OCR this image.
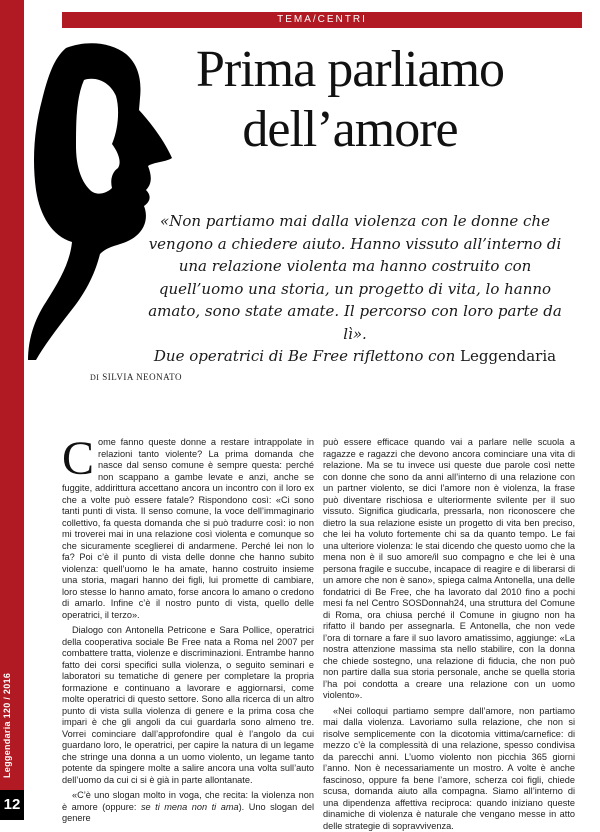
Leggendaria 120 / 2016
12
TEMA/CENTRI
Prima parliamo
dell’amore
«Non partiamo mai dalla violenza con le donne che vengono a chiedere aiuto. Hanno vissuto all’interno di una relazione violenta ma hanno costruito con quell’uomo una storia, un progetto di vita, lo hanno amato, sono state amate. Il percorso con loro parte da lì».
Due operatrici di Be Free riflettono con Leggendaria
DI SILVIA NEONATO

Come fanno queste donne a restare intrappolate in relazioni tanto violente? La prima domanda che nasce dal senso comune è sempre questa: perché non scappano a gambe levate e anzi, anche se fuggite, addirittura accettano ancora un incontro con il loro ex che a volte può essere fatale? Rispondono così: «Ci sono tanti punti di vista. Il senso comune, la voce dell’immaginario collettivo, fa questa domanda che si può tradurre così: io non mi troverei mai in una relazione così violenta e comunque so che sicuramente sceglierei di andarmene. Perché lei non lo fa? Poi c’è il punto di vista delle donne che hanno subito violenza: quell’uomo le ha amate, hanno costruito insieme una storia, magari hanno dei figli, lui promette di cambiare, loro stesse lo hanno amato, forse ancora lo amano o credono di amarlo. Infine c’è il nostro punto di vista, quello delle operatrici, il terzo».

Dialogo con Antonella Petricone e Sara Pollice, operatrici della cooperativa sociale Be Free nata a Roma nel 2007 per combattere tratta, violenze e discriminazioni. Entrambe hanno fatto dei corsi specifici sulla violenza, o seguito seminari e laboratori su tematiche di genere per completare la propria formazione e continuano a lavorare e aggiornarsi, come molte operatrici di questo settore. Sono alla ricerca di un altro punto di vista sulla violenza di genere e la prima cosa che impari è che gli angoli da cui guardarla sono almeno tre. Vorrei cominciare dall’approfondire qual è l’angolo da cui guardano loro, le operatrici, per capire la natura di un legame che stringe una donna a un uomo violento, un legame tanto potente da spingere molte a salire ancora una volta sull’auto dell’uomo da cui ci si è già in parte allontanate.

«C’è uno slogan molto in voga, che recita: la violenza non è amore (oppure: se ti mena non ti ama). Uno slogan del genere

può essere efficace quando vai a parlare nelle scuola a ragazze e ragazzi che devono ancora cominciare una vita di relazione. Ma se tu invece usi queste due parole così nette con donne che sono da anni all’interno di una relazione con un partner violento, se dici l’amore non è violenza, la frase può diventare rischiosa e ulteriormente svilente per il suo vissuto. Significa giudicarla, pressarla, non riconoscere che dietro la sua relazione esiste un progetto di vita ben preciso, che lei ha voluto fortemente chi sa da quanto tempo. Le fai una ulteriore violenza: le stai dicendo che questo uomo che la mena non è il suo amore/il suo compagno e che lei è una persona fragile e succube, incapace di reagire e di liberarsi di un amore che non è sano», spiega calma Antonella, una delle fondatrici di Be Free, che ha lavorato dal 2010 fino a pochi mesi fa nel Centro SOSDonnah24, una struttura del Comune di Roma, ora chiusa perché il Comune in giugno non ha rifatto il bando per assegnarla. E Antonella, che non vede l’ora di tornare a fare il suo lavoro amatissimo, aggiunge: «La nostra attenzione massima sta nello stabilire, con la donna che chiede sostegno, una relazione di fiducia, che non può non partire dalla sua storia personale, anche se quella storia l’ha poi condotta a creare una relazione con un uomo violento».

«Nei colloqui partiamo sempre dall’amore, non partiamo mai dalla violenza. Lavoriamo sulla relazione, che non si risolve semplicemente con la dicotomia vittima/carnefice: di mezzo c’è la complessità di una relazione, spesso condivisa da parecchi anni. L’uomo violento non picchia 365 giorni l’anno. Non è necessariamente un mostro. A volte è anche fascinoso, oppure fa bene l’amore, scherza coi figli, chiede scusa, domanda aiuto alla compagna. Siamo all’interno di una dipendenza affettiva reciproca: quando iniziano queste dinamiche di violenza è naturale che vengano messe in atto delle strategie di sopravvivenza.
